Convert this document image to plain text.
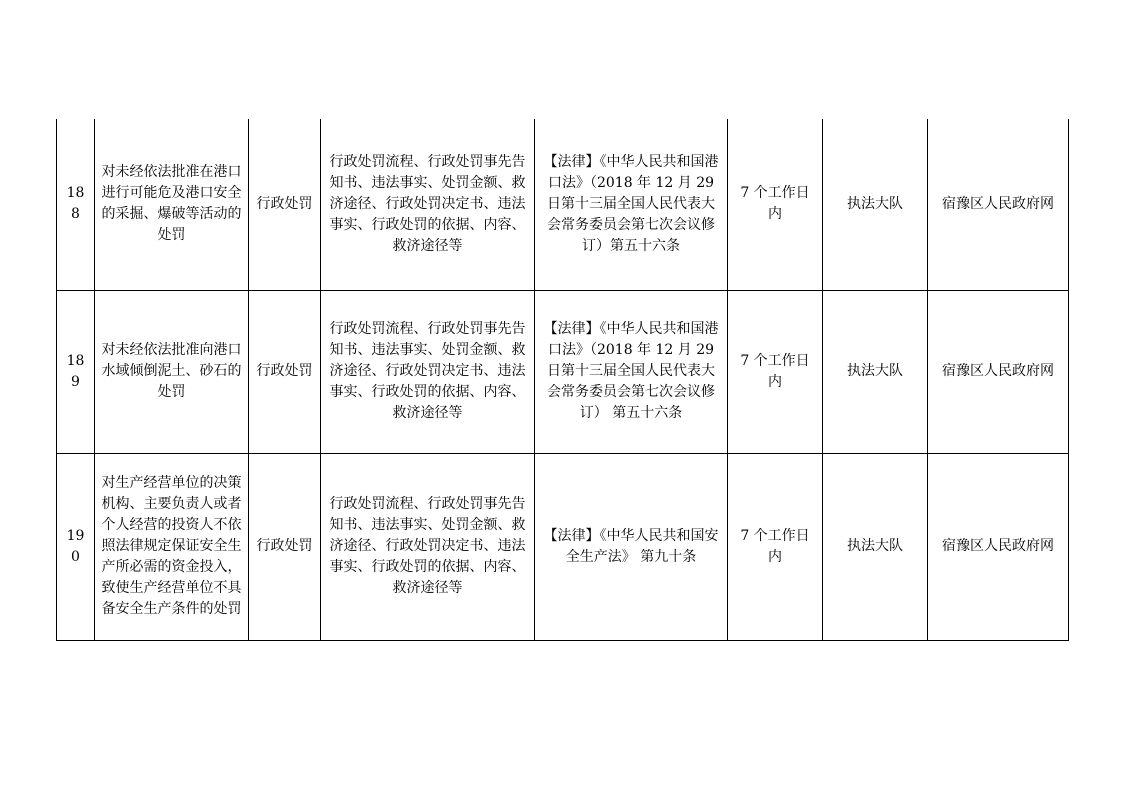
188	对未经依法批准在港口进行可能危及港口安全的采掘、爆破等活动的处罚	行政处罚	行政处罚流程、行政处罚事先告知书、违法事实、处罚金额、救济途径、行政处罚决定书、违法事实、行政处罚的依据、内容、救济途径等	【法律】《中华人民共和国港口法》（2018 年 12 月 29 日第十三届全国人民代表大会常务委员会第七次会议修订）第五十六条	7 个工作日内	执法大队	宿豫区人民政府网
189	对未经依法批准向港口水域倾倒泥土、砂石的处罚	行政处罚	行政处罚流程、行政处罚事先告知书、违法事实、处罚金额、救济途径、行政处罚决定书、违法事实、行政处罚的依据、内容、救济途径等	【法律】《中华人民共和国港口法》（2018 年 12 月 29 日第十三届全国人民代表大会常务委员会第七次会议修订） 第五十六条	7 个工作日内	执法大队	宿豫区人民政府网
190	对生产经营单位的决策机构、主要负责人或者个人经营的投资人不依照法律规定保证安全生产所必需的资金投入，致使生产经营单位不具备安全生产条件的处罚	行政处罚	行政处罚流程、行政处罚事先告知书、违法事实、处罚金额、救济途径、行政处罚决定书、违法事实、行政处罚的依据、内容、救济途径等	【法律】《中华人民共和国安全生产法》 第九十条	7 个工作日内	执法大队	宿豫区人民政府网
